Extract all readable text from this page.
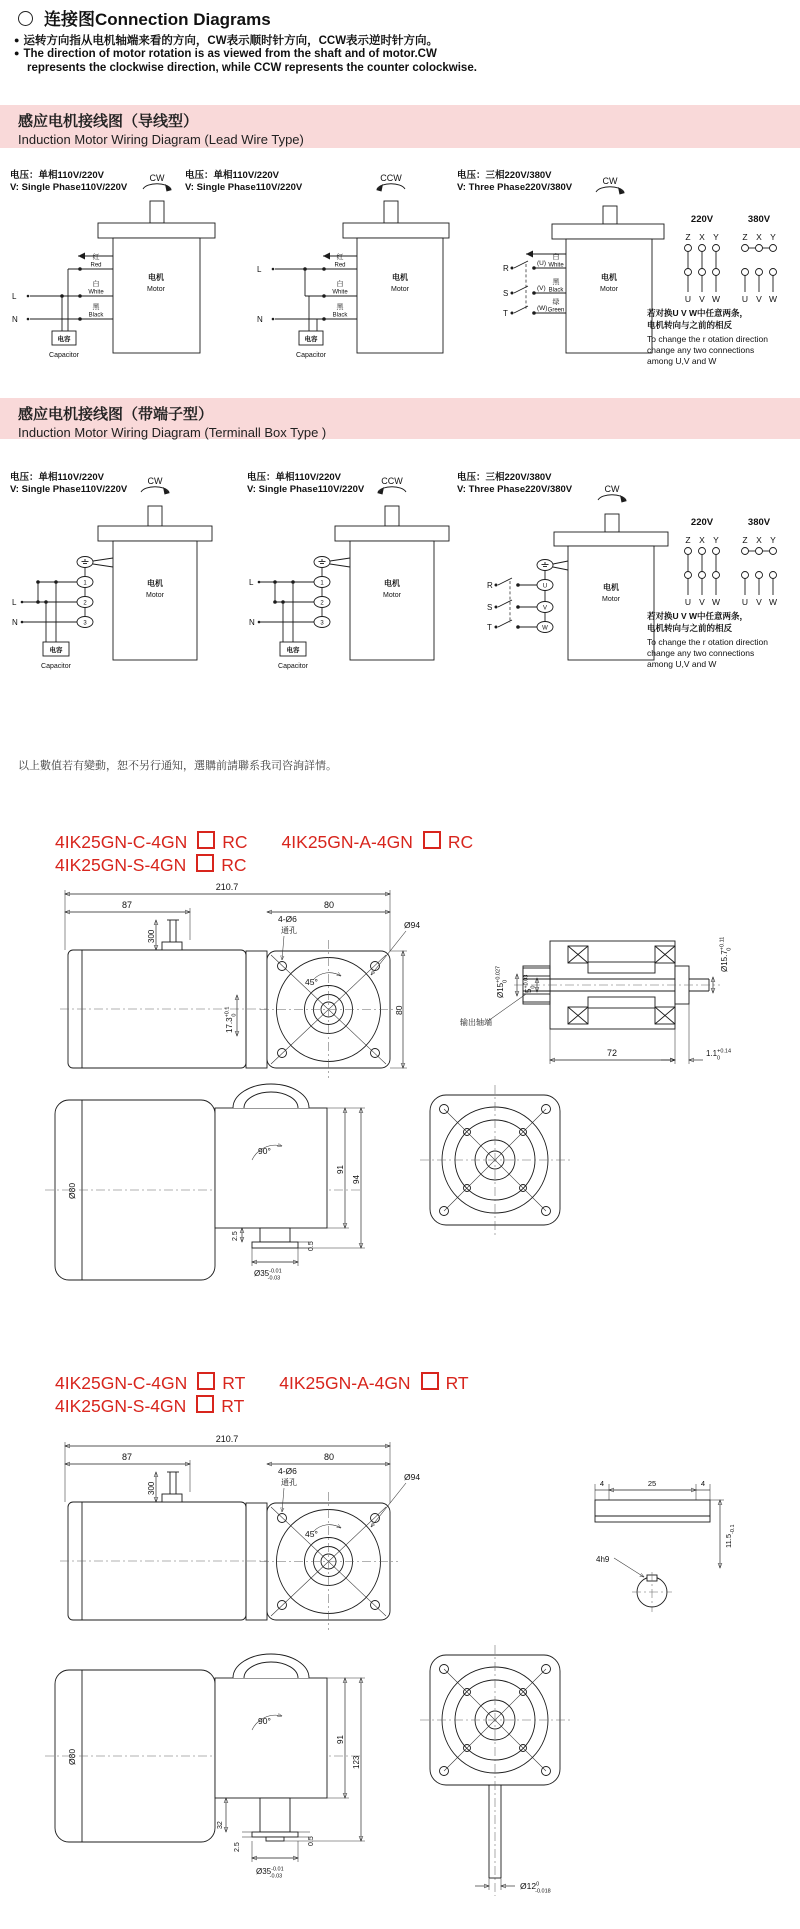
连接图Connection Diagrams
● 运转方向指从电机轴端来看的方向，CW表示顺时针方向，CCW表示逆时针方向。
● The direction of motor rotation is as viewed from the shaft and of motor.CW
represents the clockwise direction, while CCW represents the counter colockwise.
感应电机接线图（导线型）
Induction Motor Wiring Diagram (Lead Wire Type)
电压：单相110V/220V
V: Single Phase110V/220V
CW
电机
Motor
红
Red
白
White
黑
Black
L
N
电容
Capacitor
电压：单相110V/220V
V: Single Phase110V/220V
CCW
电机
Motor
红
Red
L
白
White
黑
Black
N
电容
Capacitor
电压：三相220V/380V
V: Three Phase220V/380V
CW
电机
Motor
R
(U)
白
White
S
(V)
黑
Black
T
(W)
绿
Green
220V	380V
Z X Y
U V W
Z X Y
U V W
若对换U V W中任意两条，
电机转向与之前的相反
To change the r otation direction
change any two connections
among U,V and W
感应电机接线图（带端子型）
Induction Motor Wiring Diagram (Terminall Box Type )
电压：单相110V/220V
V: Single Phase110V/220V
CW
电机
Motor
1
2
3
L
N
电容
Capacitor
电压：单相110V/220V
V: Single Phase110V/220V
CCW
电机
Motor
1
2
3
L
N
电容
Capacitor
电压：三相220V/380V
V: Three Phase220V/380V	CW
电机
Motor
U
V
W
R
S
T
220V	380V
Z X Y
U V W
Z X Y
U V W
若对换U V W中任意两条，
电机转向与之前的相反
To change the r otation direction
change any two connections
among U,V and W
以上數值若有變動，恕不另行通知，選購前請聯系我司咨詢詳情。
4IK25GN-C-4GN RC 4IK25GN-A-4GN RC
4IK25GN-S-4GN RC
210.7
87	80
300
45°
4-Ø6
通孔
Ø94
$17.3^{+0.1}0$
80
$Ø15^{+0.027}0$
$5^{+0.03}0$
$Ø15.7^{+0.11}0$
输出轴端
72	$1.1^{+0.14}$ 0
Ø80
90°
2.5
0.5
$Ø35^{-0.01}$ -0.03
91
94
4IK25GN-C-4GN RT 4IK25GN-A-4GN RT
4IK25GN-S-4GN RT
210.7
87	80
300
45°
4-Ø6
通孔
Ø94
4	25	4
$11.5_{-0.1}$
4h9
Ø80
90°
32
2.5
0.5
$Ø35^{-0.01}$ -0.03
91
123
$Ø12^0$ -0.018
